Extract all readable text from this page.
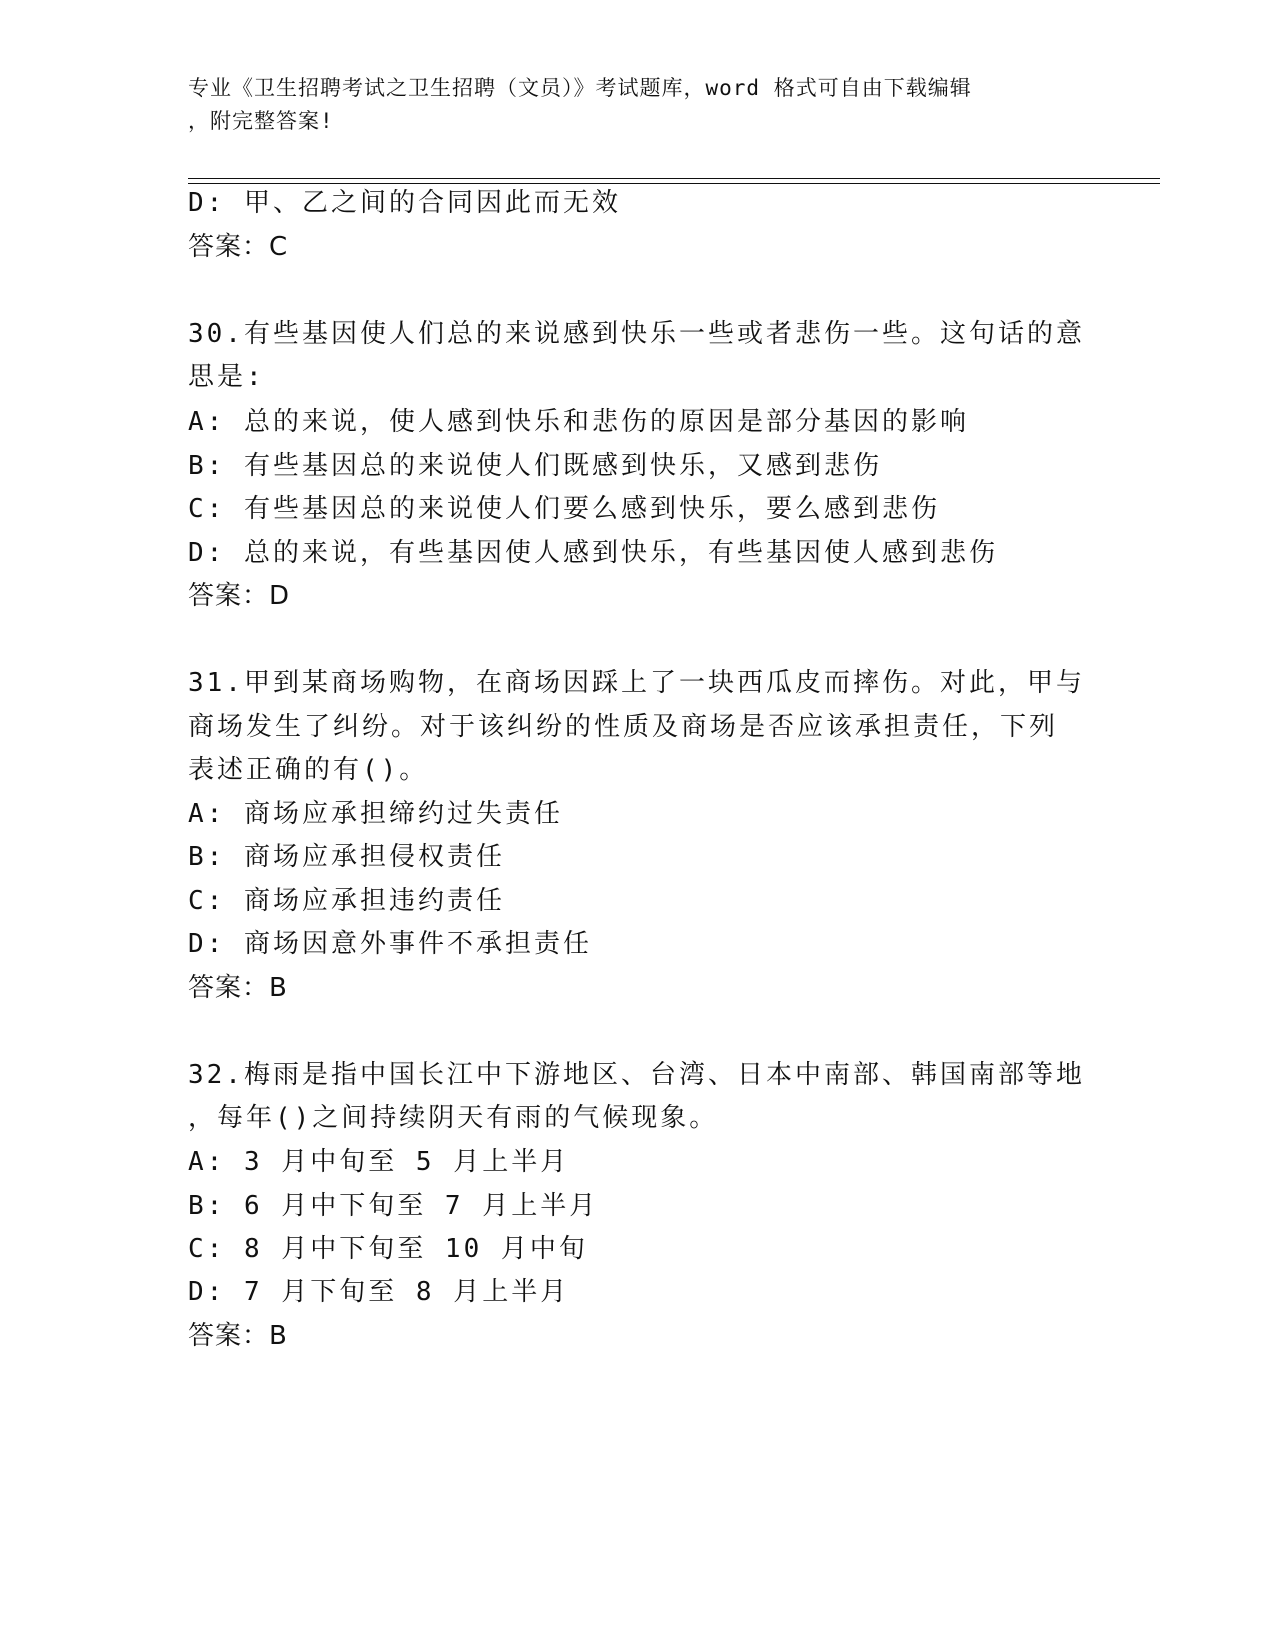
专业《卫生招聘考试之卫生招聘（文员）》考试题库，word 格式可自由下载编辑
，附完整答案!
D: 甲、乙之间的合同因此而无效
答案：C
30.有些基因使人们总的来说感到快乐一些或者悲伤一些。这句话的意
思是:
A: 总的来说，使人感到快乐和悲伤的原因是部分基因的影响
B: 有些基因总的来说使人们既感到快乐，又感到悲伤
C: 有些基因总的来说使人们要么感到快乐，要么感到悲伤
D: 总的来说，有些基因使人感到快乐，有些基因使人感到悲伤
答案：D
31.甲到某商场购物，在商场因踩上了一块西瓜皮而摔伤。对此，甲与
商场发生了纠纷。对于该纠纷的性质及商场是否应该承担责任，下列
表述正确的有()。
A: 商场应承担缔约过失责任
B: 商场应承担侵权责任
C: 商场应承担违约责任
D: 商场因意外事件不承担责任
答案：B
32.梅雨是指中国长江中下游地区、台湾、日本中南部、韩国南部等地
，每年()之间持续阴天有雨的气候现象。
A: 3 月中旬至 5 月上半月
B: 6 月中下旬至 7 月上半月
C: 8 月中下旬至 10 月中旬
D: 7 月下旬至 8 月上半月
答案：B
